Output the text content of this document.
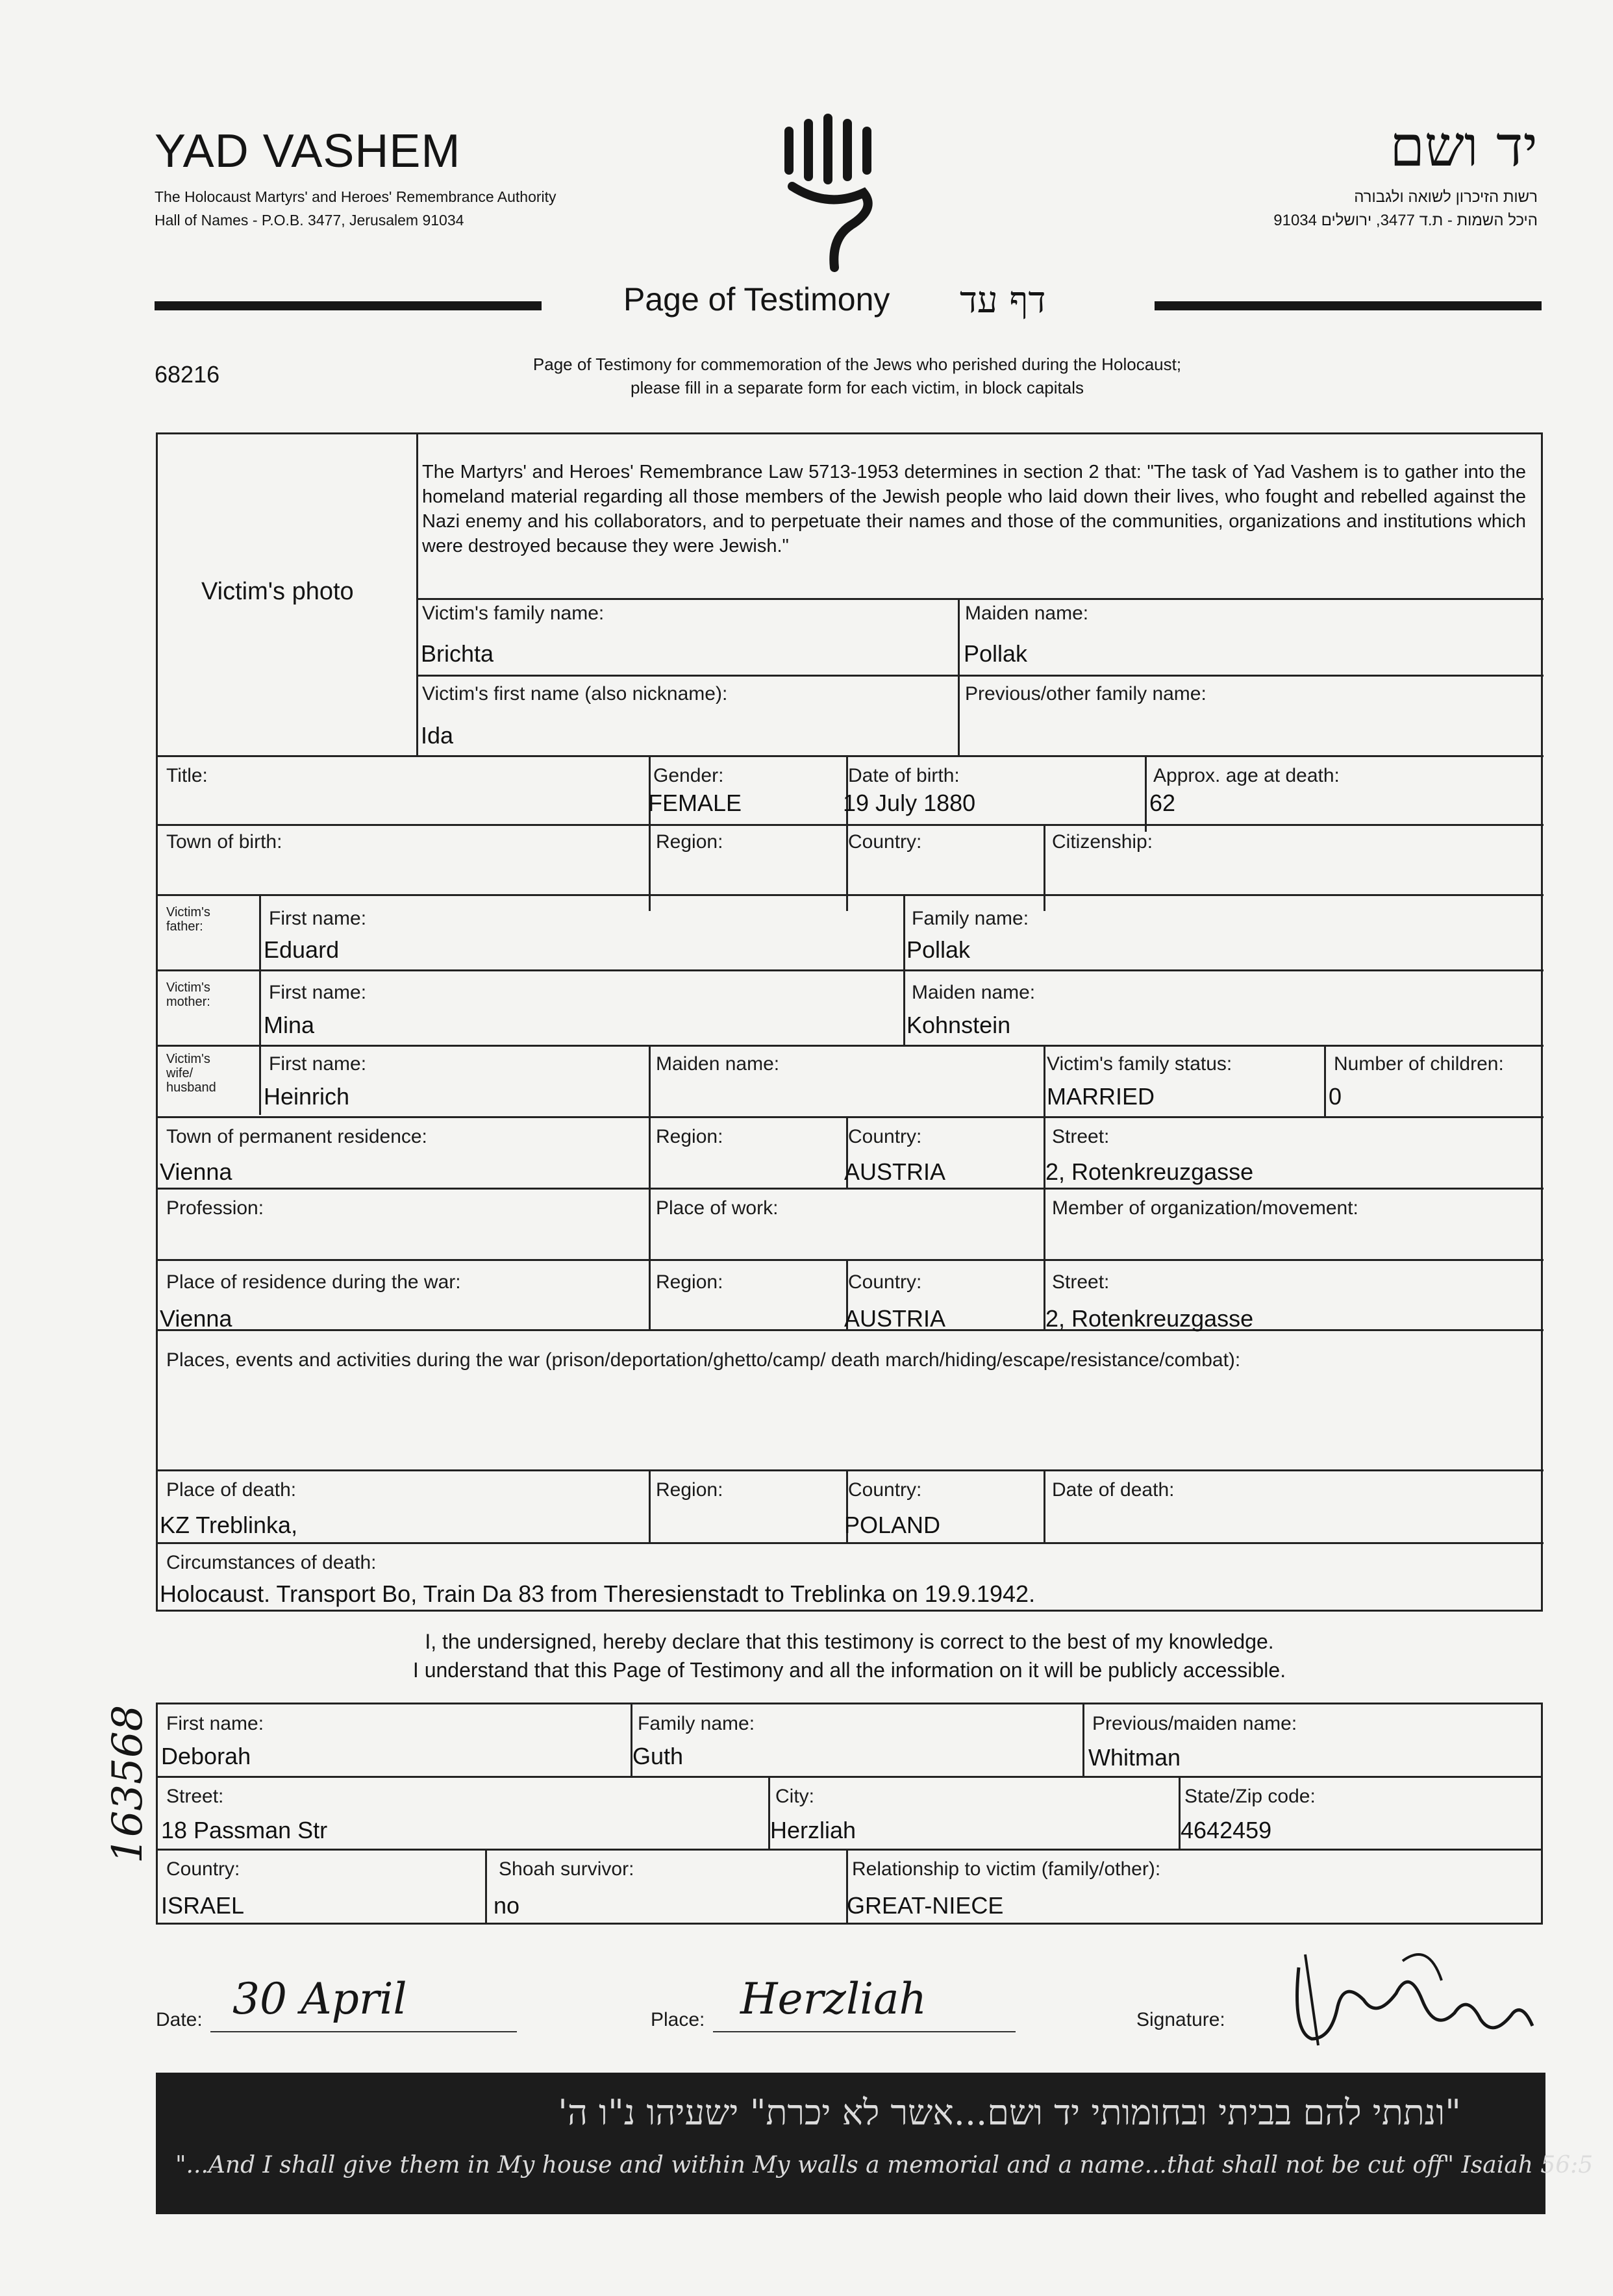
YAD VASHEM
The Holocaust Martyrs' and Heroes' Remembrance Authority
Hall of Names - P.O.B. 3477, Jerusalem 91034
יד ושם
רשות הזיכרון לשואה ולגבורה
היכל השמות - ת.ד 3477, ירושלים 91034
Page of Testimony דף עד
68216	Page of Testimony for commemoration of the Jews who perished during the Holocaust;
please fill in a separate form for each victim, in block capitals
The Martyrs' and Heroes' Remembrance Law 5713-1953 determines in section 2 that: "The task of Yad Vashem is to gather into the homeland material regarding all those members of the Jewish people who laid down their lives, who fought and rebelled against the Nazi enemy and his collaborators, and to perpetuate their names and those of the communities, organizations and institutions which were destroyed because they were Jewish."
Victim's photo
Victim's family name:
Brichta
Maiden name:
Pollak
Victim's first name (also nickname):
Ida
Previous/other family name:
Title:	Gender:
FEMALE
Date of birth:
19 July 1880
Approx. age at death:
62
Town of birth:	Region:	Country:	Citizenship:
Victim's father:	First name:
Eduard
Family name:
Pollak
Victim's mother:	First name:
Mina
Maiden name:
Kohnstein
Victim's wife/ husband
First name:
Heinrich
Maiden name:	Victim's family status:
MARRIED
Number of children:
0
Town of permanent residence:
Vienna
Region:	Country:
AUSTRIA
Street:
2, Rotenkreuzgasse
Profession:	Place of work:	Member of organization/movement:
Place of residence during the war:
Vienna
Region:	Country:
AUSTRIA
Street:
2, Rotenkreuzgasse
Places, events and activities during the war (prison/deportation/ghetto/camp/ death march/hiding/escape/resistance/combat):
Place of death:
KZ Treblinka,
Region:	Country:
POLAND
Date of death:
Circumstances of death:
Holocaust. Transport Bo, Train Da 83 from Theresienstadt to Treblinka on 19.9.1942.
I, the undersigned, hereby declare that this testimony is correct to the best of my knowledge.
I understand that this Page of Testimony and all the information on it will be publicly accessible.
First name:
Deborah
Family name:
Guth
Previous/maiden name:
Whitman
Street:
18 Passman Str
City:
Herzliah
State/Zip code:
4642459
Country:
ISRAEL
Shoah survivor:
no
Relationship to victim (family/other):
GREAT-NIECE
Date: 30 April	Place: Herzliah	Signature:
163568
"ונתתי להם בביתי ובחומותי יד ושם...אשר לא יכרת" ישעיהו נ"ו ה'
"...And I shall give them in My house and within My walls a memorial and a name...that shall not be cut off" Isaiah 56:5
